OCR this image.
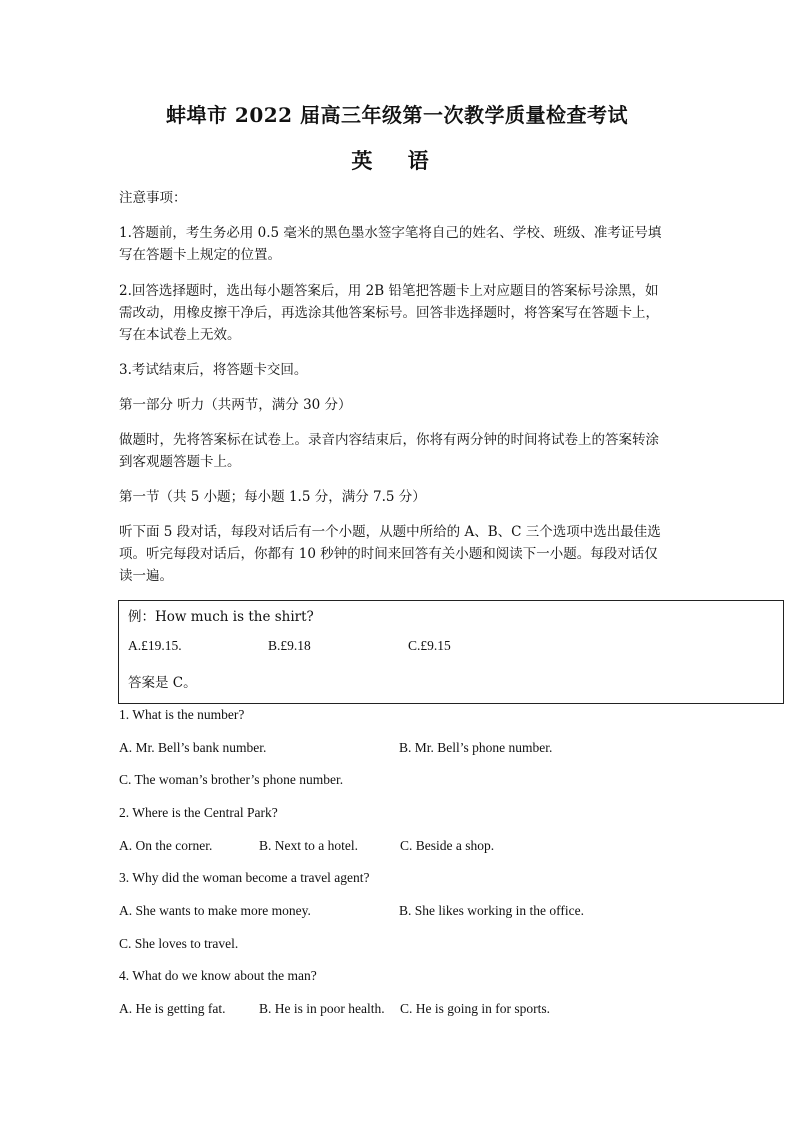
蚌埠市 2022 届高三年级第一次教学质量检查考试
英 语
注意事项：
1.答题前，考生务必用 0.5 毫米的黑色墨水签字笔将自己的姓名、学校、班级、准考证号填
写在答题卡上规定的位置。
2.回答选择题时，选出每小题答案后，用 2B 铅笔把答题卡上对应题目的答案标号涂黑，如
需改动，用橡皮擦干净后，再选涂其他答案标号。回答非选择题时，将答案写在答题卡上，
写在本试卷上无效。
3.考试结束后，将答题卡交回。
第一部分 听力（共两节，满分 30 分）
做题时，先将答案标在试卷上。录音内容结束后，你将有两分钟的时间将试卷上的答案转涂
到客观题答题卡上。
第一节（共 5 小题；每小题 1.5 分，满分 7.5 分）
听下面 5 段对话，每段对话后有一个小题，从题中所给的 A、B、C 三个选项中选出最佳选
项。听完每段对话后，你都有 10 秒钟的时间来回答有关小题和阅读下一小题。每段对话仅
读一遍。
例：How much is the shirt?
A.£19.15.	B.£9.18	C.£9.15
答案是 C。
1. What is the number?
A. Mr. Bell’s bank number.	B. Mr. Bell’s phone number.
C. The woman’s brother’s phone number.
2. Where is the Central Park?
A. On the corner.	B. Next to a hotel.	C. Beside a shop.
3. Why did the woman become a travel agent?
A. She wants to make more money.	B. She likes working in the office.
C. She loves to travel.
4. What do we know about the man?
A. He is getting fat. B. He is in poor health. C. He is going in for sports.
